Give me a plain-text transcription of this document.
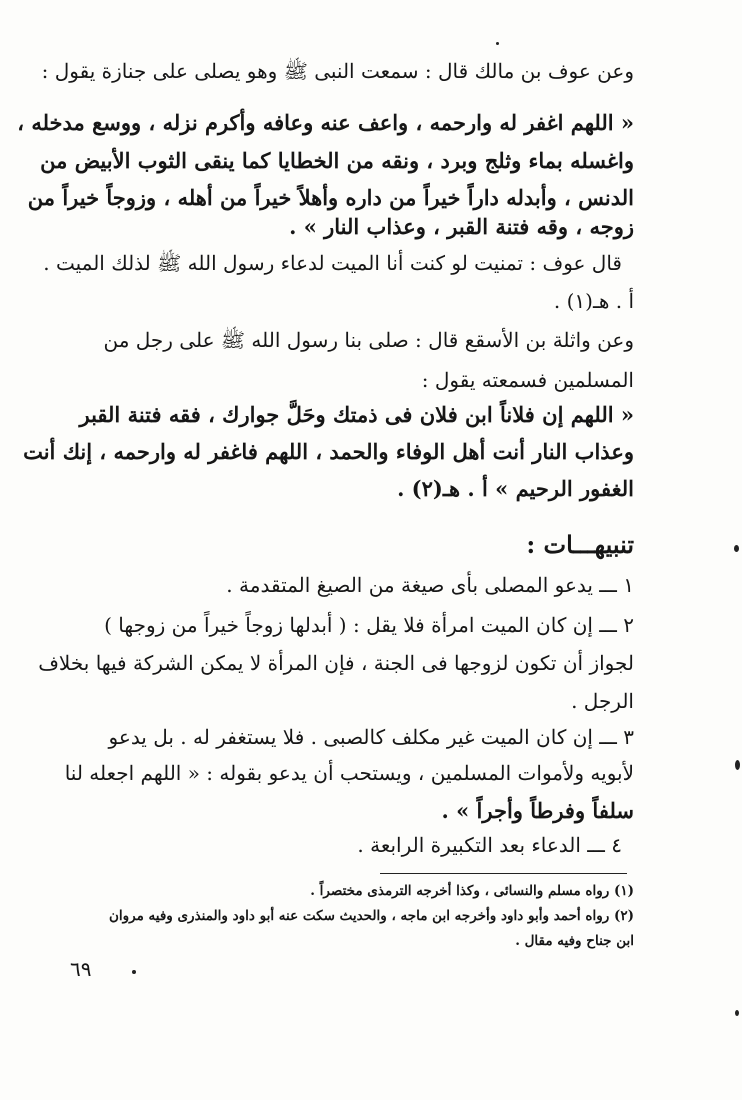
وعن عوف بن مالك قال : سمعت النبى ﷺ وهو يصلى على جنازة يقول :
« اللهم اغفر له وارحمه ، واعف عنه وعافه وأكرم نزله ، ووسع مدخله ،
واغسله بماء وثلج وبرد ، ونقه من الخطايا كما ينقى الثوب الأبيض من
الدنس ، وأبدله داراً خيراً من داره وأهلاً خيراً من أهله ، وزوجاً خيراً من
زوجه ، وقه فتنة القبر ، وعذاب النار » .
قال عوف : تمنيت لو كنت أنا الميت لدعاء رسول الله ﷺ لذلك الميت .
أ . هـ(١) .
وعن واثلة بن الأسقع قال : صلى بنا رسول الله ﷺ على رجل من
المسلمين فسمعته يقول :
« اللهم إن فلاناً ابن فلان فى ذمتك وحَلَّ جوارك ، فقه فتنة القبر
وعذاب النار أنت أهل الوفاء والحمد ، اللهم فاغفر له وارحمه ، إنك أنت
الغفور الرحيم » أ . هـ(٢) .
تنبيهـــات :
١ ـــ يدعو المصلى بأى صيغة من الصيغ المتقدمة .
٢ ـــ إن كان الميت امرأة فلا يقل : ( أبدلها زوجاً خيراً من زوجها )
لجواز أن تكون لزوجها فى الجنة ، فإن المرأة لا يمكن الشركة فيها بخلاف
الرجل .
٣ ـــ إن كان الميت غير مكلف كالصبى . فلا يستغفر له . بل يدعو
لأبويه ولأموات المسلمين ، ويستحب أن يدعو بقوله : « اللهم اجعله لنا
سلفاً وفرطاً وأجراً » .
٤ ـــ الدعاء بعد التكبيرة الرابعة .
(١) رواه مسلم والنسائى ، وكذا أخرجه الترمذى مختصراً .
(٢) رواه أحمد وأبو داود وأخرجه ابن ماجه ، والحديث سكت عنه أبو داود والمنذرى وفيه مروان
ابن جناح وفيه مقال .
٦٩
